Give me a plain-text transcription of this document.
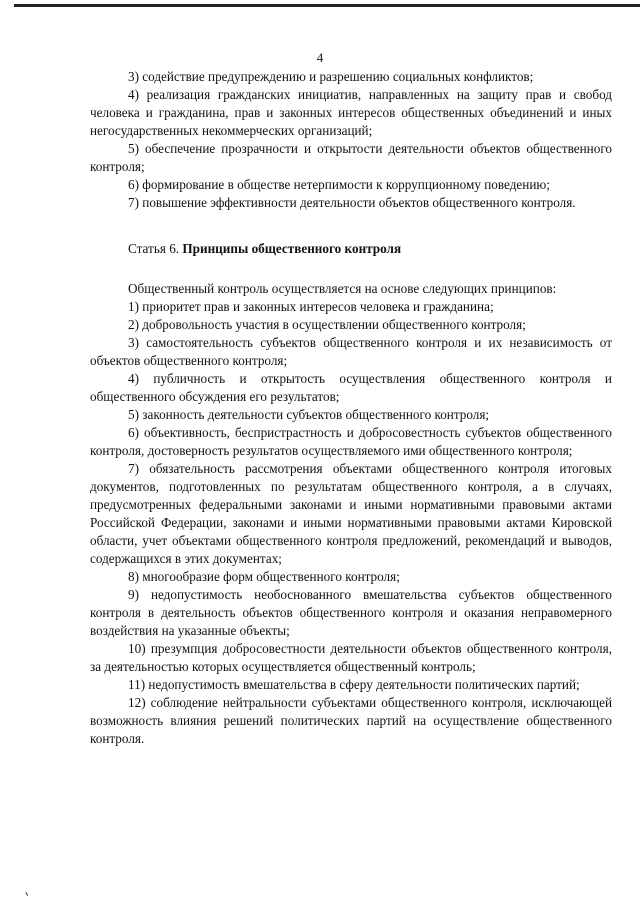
4

3) содействие предупреждению и разрешению социальных конфликтов;

4) реализация гражданских инициатив, направленных на защиту прав и свобод человека и гражданина, прав и законных интересов общественных объединений и иных негосударственных некоммерческих организаций;

5) обеспечение прозрачности и открытости деятельности объектов общественного контроля;

6) формирование в обществе нетерпимости к коррупционному поведению;

7) повышение эффективности деятельности объектов общественного контроля.

Статья 6. Принципы общественного контроля

Общественный контроль осуществляется на основе следующих принципов:

1) приоритет прав и законных интересов человека и гражданина;

2) добровольность участия в осуществлении общественного контроля;

3) самостоятельность субъектов общественного контроля и их независимость от объектов общественного контроля;

4) публичность и открытость осуществления общественного контроля и общественного обсуждения его результатов;

5) законность деятельности субъектов общественного контроля;

6) объективность, беспристрастность и добросовестность субъектов общественного контроля, достоверность результатов осуществляемого ими общественного контроля;

7) обязательность рассмотрения объектами общественного контроля итоговых документов, подготовленных по результатам общественного контроля, а в случаях, предусмотренных федеральными законами и иными нормативными правовыми актами Российской Федерации, законами и иными нормативными правовыми актами Кировской области, учет объектами общественного контроля предложений, рекомендаций и выводов, содержащихся в этих документах;

8) многообразие форм общественного контроля;

9) недопустимость необоснованного вмешательства субъектов общественного контроля в деятельность объектов общественного контроля и оказания неправомерного воздействия на указанные объекты;

10) презумпция добросовестности деятельности объектов общественного контроля, за деятельностью которых осуществляется общественный контроль;

11) недопустимость вмешательства в сферу деятельности политических партий;

12) соблюдение нейтральности субъектами общественного контроля, исключающей возможность влияния решений политических партий на осуществление общественного контроля.
